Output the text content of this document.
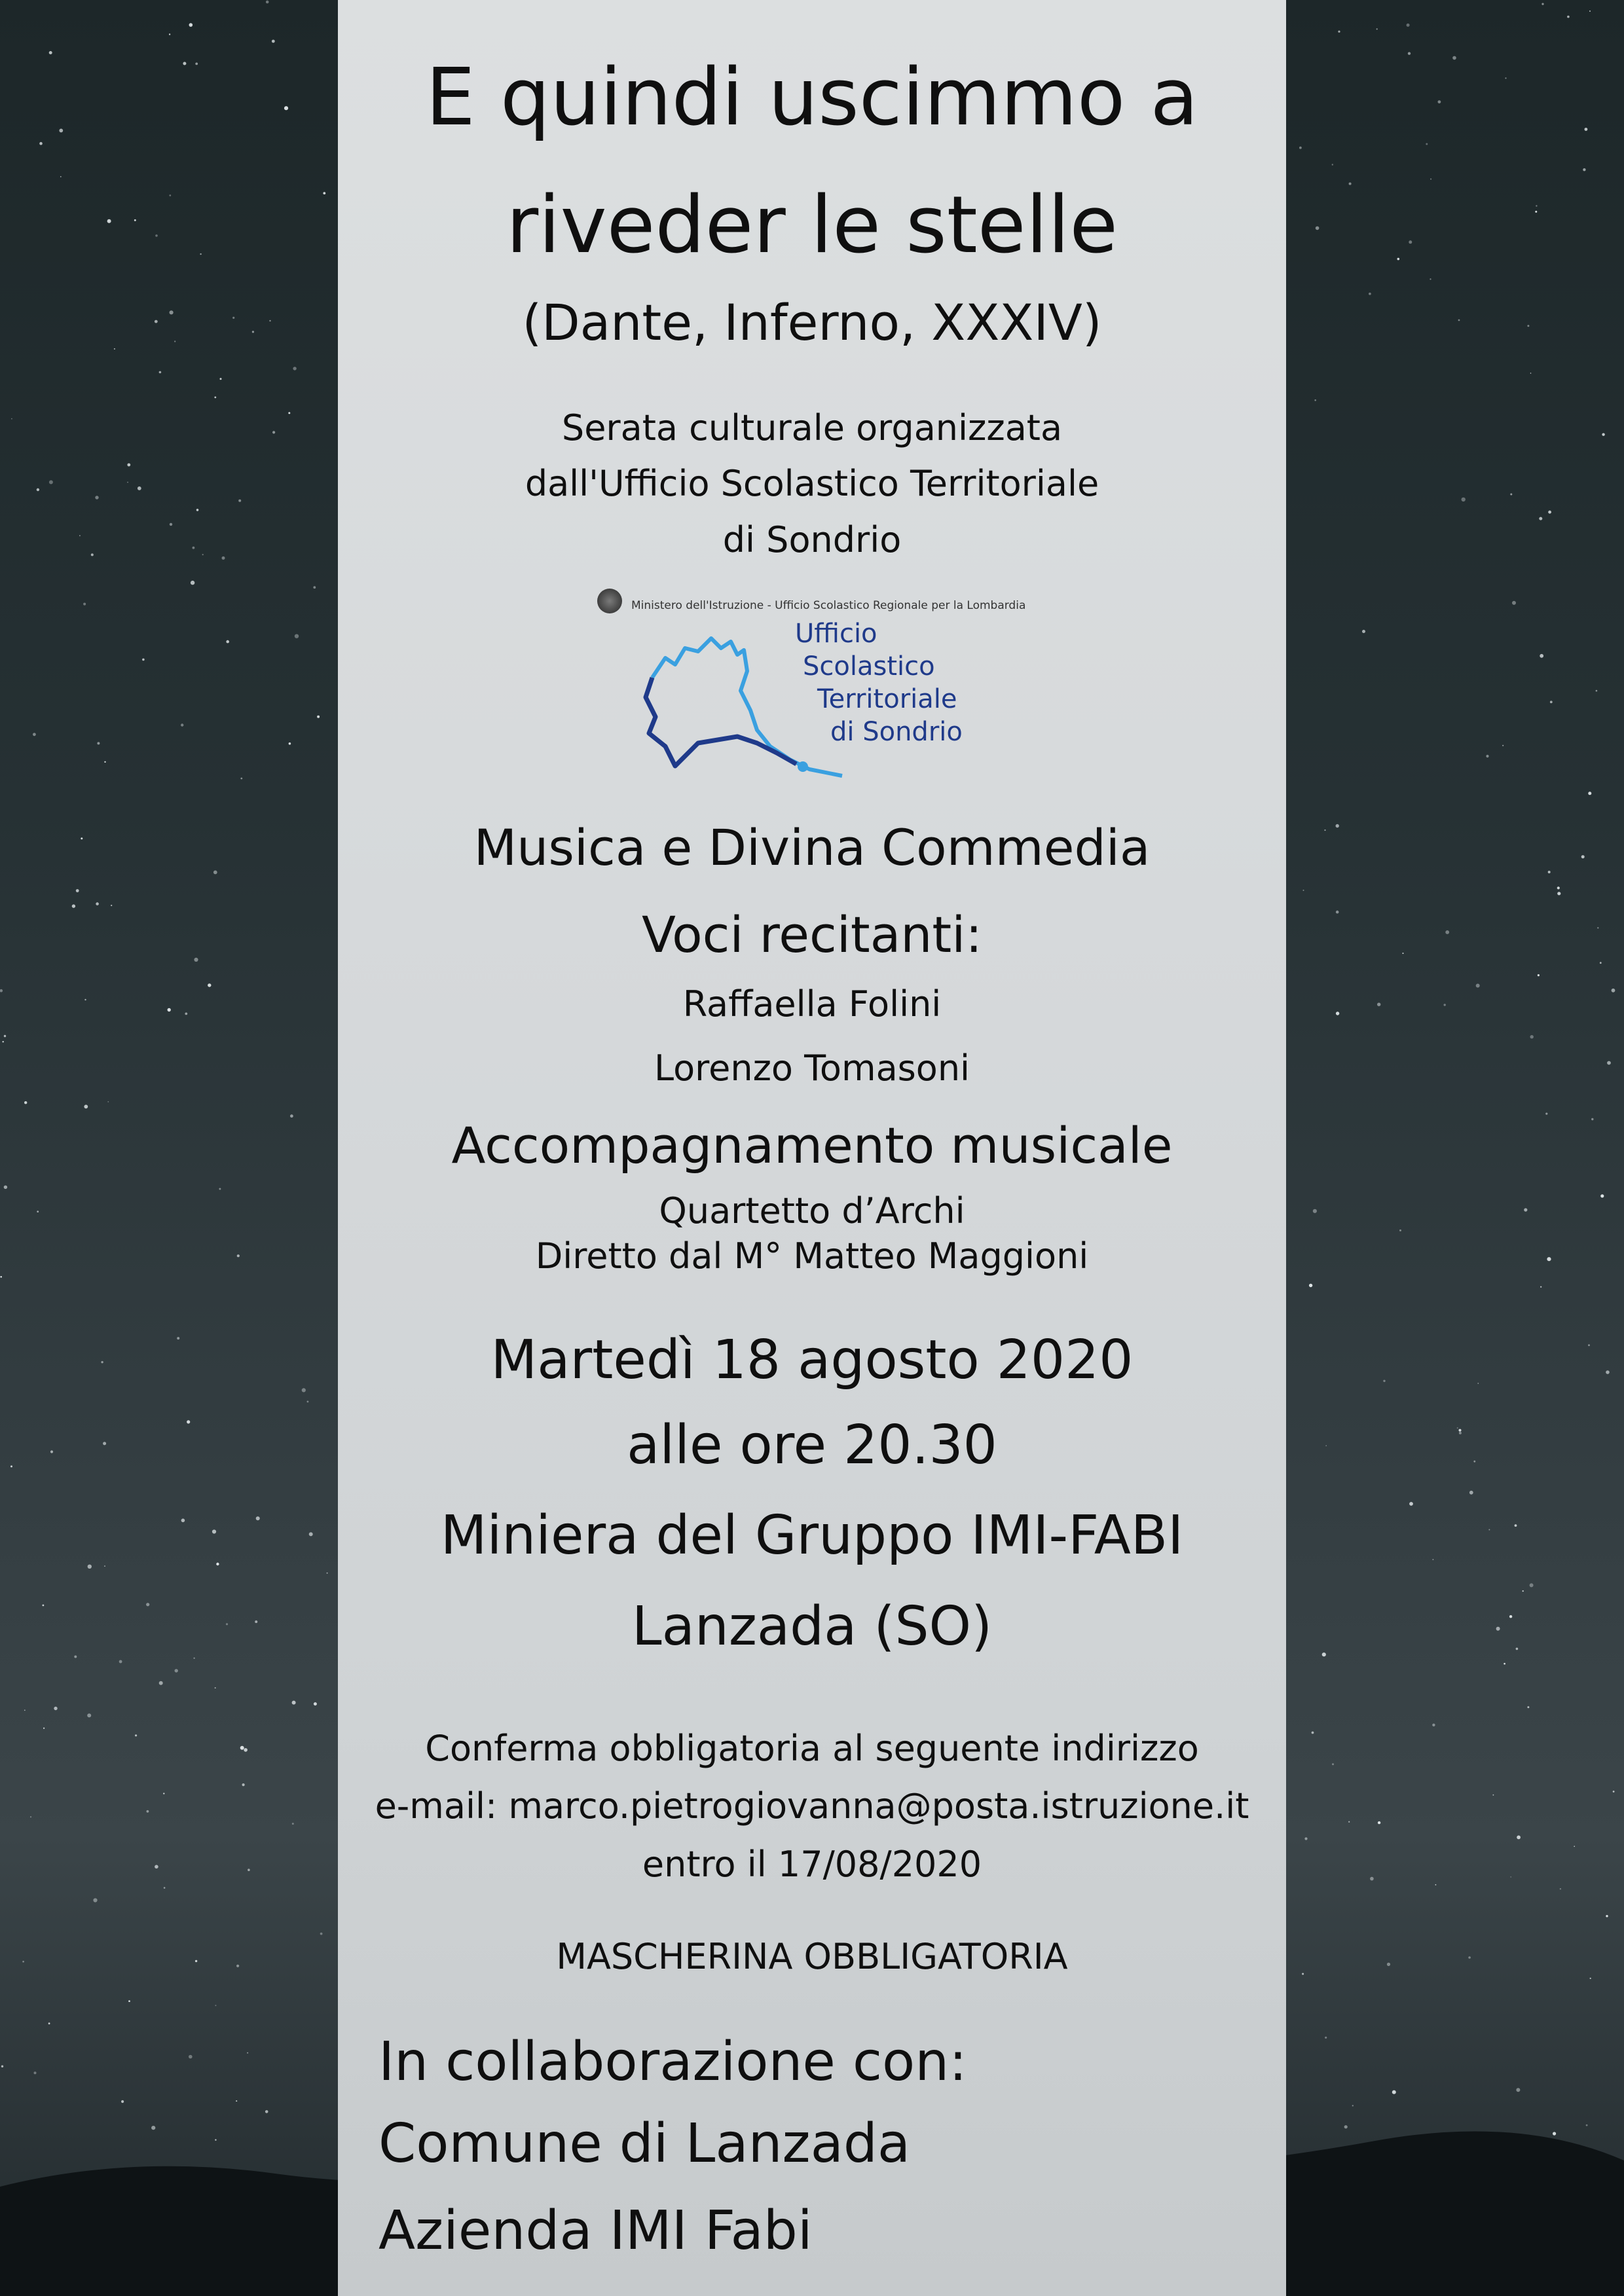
E quindi uscimmo a
riveder le stelle
(Dante, Inferno, XXXIV)
Serata culturale organizzata
dall'Ufficio Scolastico Territoriale
di Sondrio
Ministero dell'Istruzione - Ufficio Scolastico Regionale per la Lombardia
Ufficio
Scolastico
Territoriale
di Sondrio
Musica e Divina Commedia
Voci recitanti:
Raffaella Folini
Lorenzo Tomasoni
Accompagnamento musicale
Quartetto d’Archi
Diretto dal M° Matteo Maggioni
Martedì 18 agosto 2020
alle ore 20.30
Miniera del Gruppo IMI-FABI
Lanzada (SO)
Conferma obbligatoria al seguente indirizzo
e-mail: marco.pietrogiovanna@posta.istruzione.it
entro il 17/08/2020
MASCHERINA OBBLIGATORIA
In collaborazione con:
Comune di Lanzada
Azienda IMI Fabi
